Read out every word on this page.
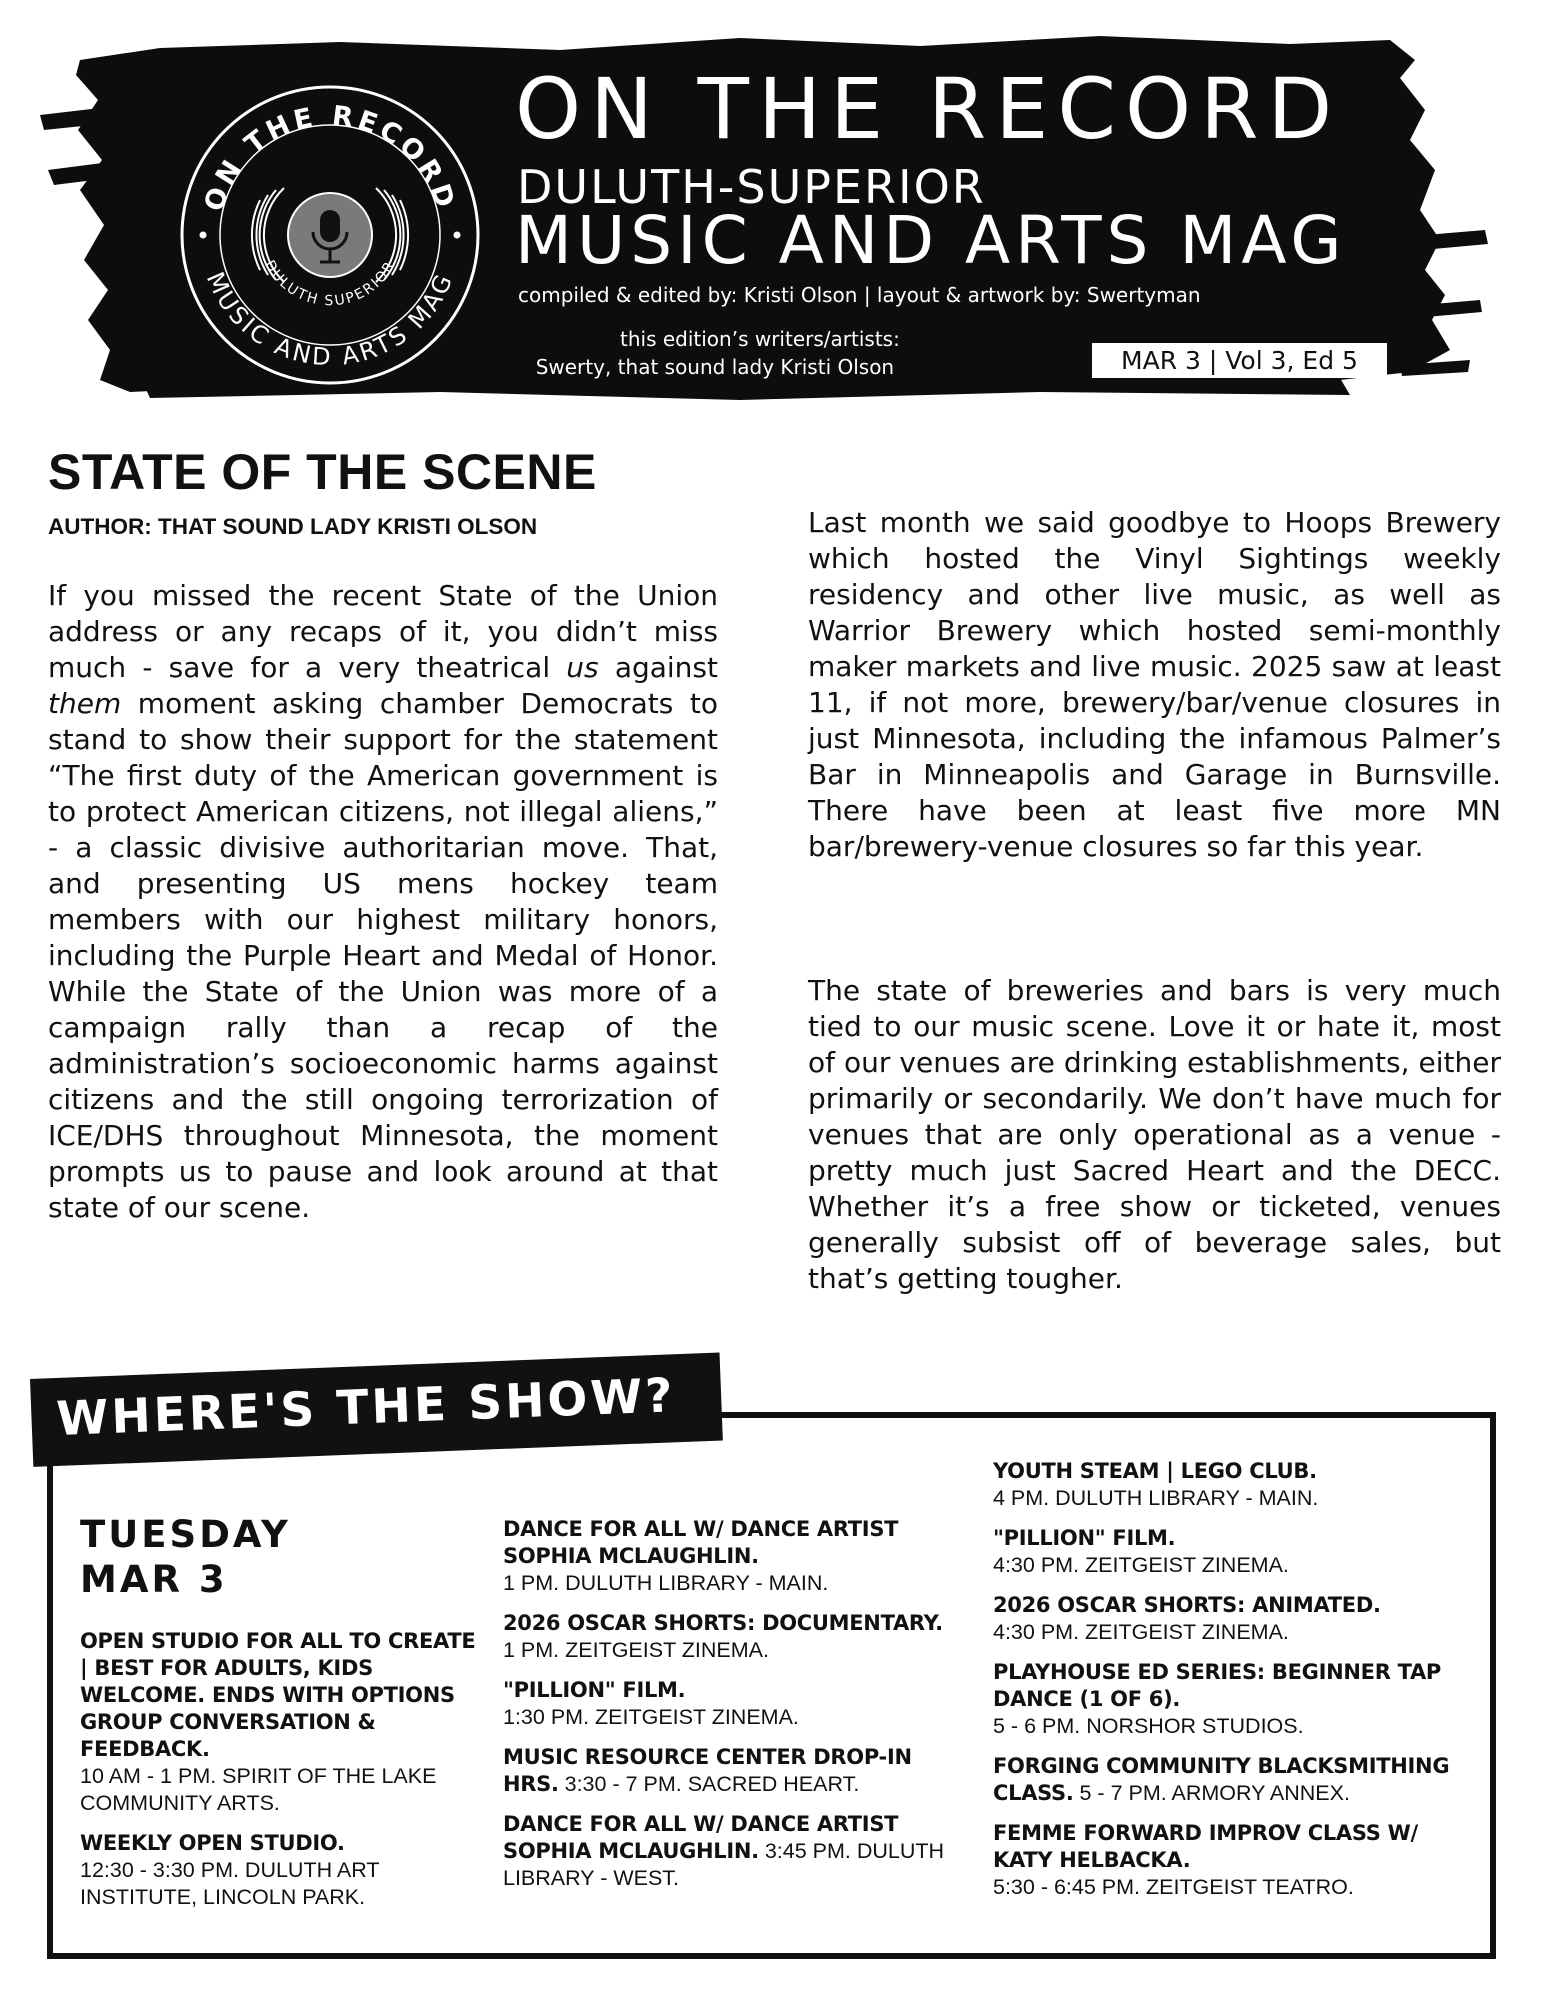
ON THE RECORD
MUSIC AND ARTS MAG
DULUTH SUPERIOR
ON THE RECORD
DULUTH-SUPERIOR
MUSIC AND ARTS MAG
compiled & edited by: Kristi Olson | layout & artwork by: Swertyman
this edition’s writers/artists:
Swerty, that sound lady Kristi Olson	MAR 3 | Vol 3, Ed 5
STATE OF THE SCENE
AUTHOR: THAT SOUND LADY KRISTI OLSON

If you missed the recent State of the Union address or any recaps of it, you didn’t miss much - save for a very theatrical us against them moment asking chamber Democrats to stand to show their support for the statement “The first duty of the American government is to protect American citizens, not illegal aliens,” - a classic divisive authoritarian move. That, and presenting US mens hockey team members with our highest military honors, including the Purple Heart and Medal of Honor. While the State of the Union was more of a campaign rally than a recap of the administration’s socioeconomic harms against citizens and the still ongoing terrorization of ICE/DHS throughout Minnesota, the moment prompts us to pause and look around at that state of our scene.

Last month we said goodbye to Hoops Brewery which hosted the Vinyl Sightings weekly residency and other live music, as well as Warrior Brewery which hosted semi-monthly maker markets and live music. 2025 saw at least 11, if not more, brewery/bar/venue closures in just Minnesota, including the infamous Palmer’s Bar in Minneapolis and Garage in Burnsville. There have been at least five more MN bar/brewery-venue closures so far this year.

The state of breweries and bars is very much tied to our music scene. Love it or hate it, most of our venues are drinking establishments, either primarily or secondarily. We don’t have much for venues that are only operational as a venue - pretty much just Sacred Heart and the DECC. Whether it’s a free show or ticketed, venues generally subsist off of beverage sales, but that’s getting tougher.

WHERE'S THE SHOW?
TUESDAY
MAR 3
OPEN STUDIO FOR ALL TO CREATE | BEST FOR ADULTS, KIDS WELCOME. ENDS WITH OPTIONS GROUP CONVERSATION & FEEDBACK.
10 AM - 1 PM. SPIRIT OF THE LAKE COMMUNITY ARTS.
WEEKLY OPEN STUDIO.
12:30 - 3:30 PM. DULUTH ART INSTITUTE, LINCOLN PARK.
DANCE FOR ALL W/ DANCE ARTIST SOPHIA MCLAUGHLIN.
1 PM. DULUTH LIBRARY - MAIN.
2026 OSCAR SHORTS: DOCUMENTARY.
1 PM. ZEITGEIST ZINEMA.
"PILLION" FILM.
1:30 PM. ZEITGEIST ZINEMA.
MUSIC RESOURCE CENTER DROP-IN HRS. 3:30 - 7 PM. SACRED HEART.
DANCE FOR ALL W/ DANCE ARTIST SOPHIA MCLAUGHLIN. 3:45 PM. DULUTH LIBRARY - WEST.
YOUTH STEAM | LEGO CLUB.
4 PM. DULUTH LIBRARY - MAIN.
"PILLION" FILM.
4:30 PM. ZEITGEIST ZINEMA.
2026 OSCAR SHORTS: ANIMATED.
4:30 PM. ZEITGEIST ZINEMA.
PLAYHOUSE ED SERIES: BEGINNER TAP DANCE (1 OF 6).
5 - 6 PM. NORSHOR STUDIOS.
FORGING COMMUNITY BLACKSMITHING CLASS. 5 - 7 PM. ARMORY ANNEX.
FEMME FORWARD IMPROV CLASS W/ KATY HELBACKA.
5:30 - 6:45 PM. ZEITGEIST TEATRO.
